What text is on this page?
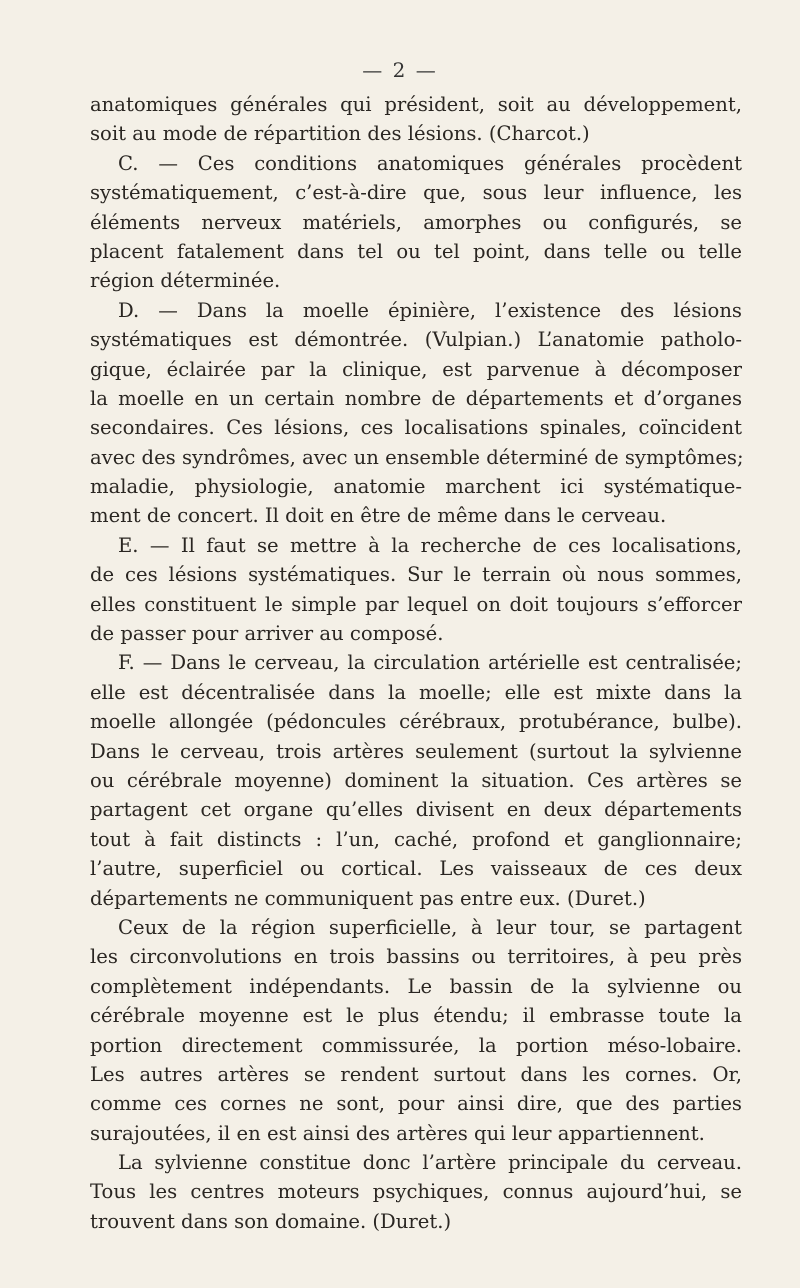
— 2 —
anatomiques générales qui président, soit au développement,
soit au mode de répartition des lésions. (Charcot.)
C. — Ces conditions anatomiques générales procèdent
systématiquement, c’est-à-dire que, sous leur influence, les
éléments nerveux matériels, amorphes ou configurés, se
placent fatalement dans tel ou tel point, dans telle ou telle
région déterminée.
D. — Dans la moelle épinière, l’existence des lésions
systématiques est démontrée. (Vulpian.) L’anatomie patholo-
gique, éclairée par la clinique, est parvenue à décomposer
la moelle en un certain nombre de départements et d’organes
secondaires. Ces lésions, ces localisations spinales, coïncident
avec des syndrômes, avec un ensemble déterminé de symptômes;
maladie, physiologie, anatomie marchent ici systématique-
ment de concert. Il doit en être de même dans le cerveau.
E. — Il faut se mettre à la recherche de ces localisations,
de ces lésions systématiques. Sur le terrain où nous sommes,
elles constituent le simple par lequel on doit toujours s’efforcer
de passer pour arriver au composé.
F. — Dans le cerveau, la circulation artérielle est centralisée;
elle est décentralisée dans la moelle; elle est mixte dans la
moelle allongée (pédoncules cérébraux, protubérance, bulbe).
Dans le cerveau, trois artères seulement (surtout la sylvienne
ou cérébrale moyenne) dominent la situation. Ces artères se
partagent cet organe qu’elles divisent en deux départements
tout à fait distincts : l’un, caché, profond et ganglionnaire;
l’autre, superficiel ou cortical. Les vaisseaux de ces deux
départements ne communiquent pas entre eux. (Duret.)
Ceux de la région superficielle, à leur tour, se partagent
les circonvolutions en trois bassins ou territoires, à peu près
complètement indépendants. Le bassin de la sylvienne ou
cérébrale moyenne est le plus étendu; il embrasse toute la
portion directement commissurée, la portion méso-lobaire.
Les autres artères se rendent surtout dans les cornes. Or,
comme ces cornes ne sont, pour ainsi dire, que des parties
surajoutées, il en est ainsi des artères qui leur appartiennent.
La sylvienne constitue donc l’artère principale du cerveau.
Tous les centres moteurs psychiques, connus aujourd’hui, se
trouvent dans son domaine. (Duret.)
